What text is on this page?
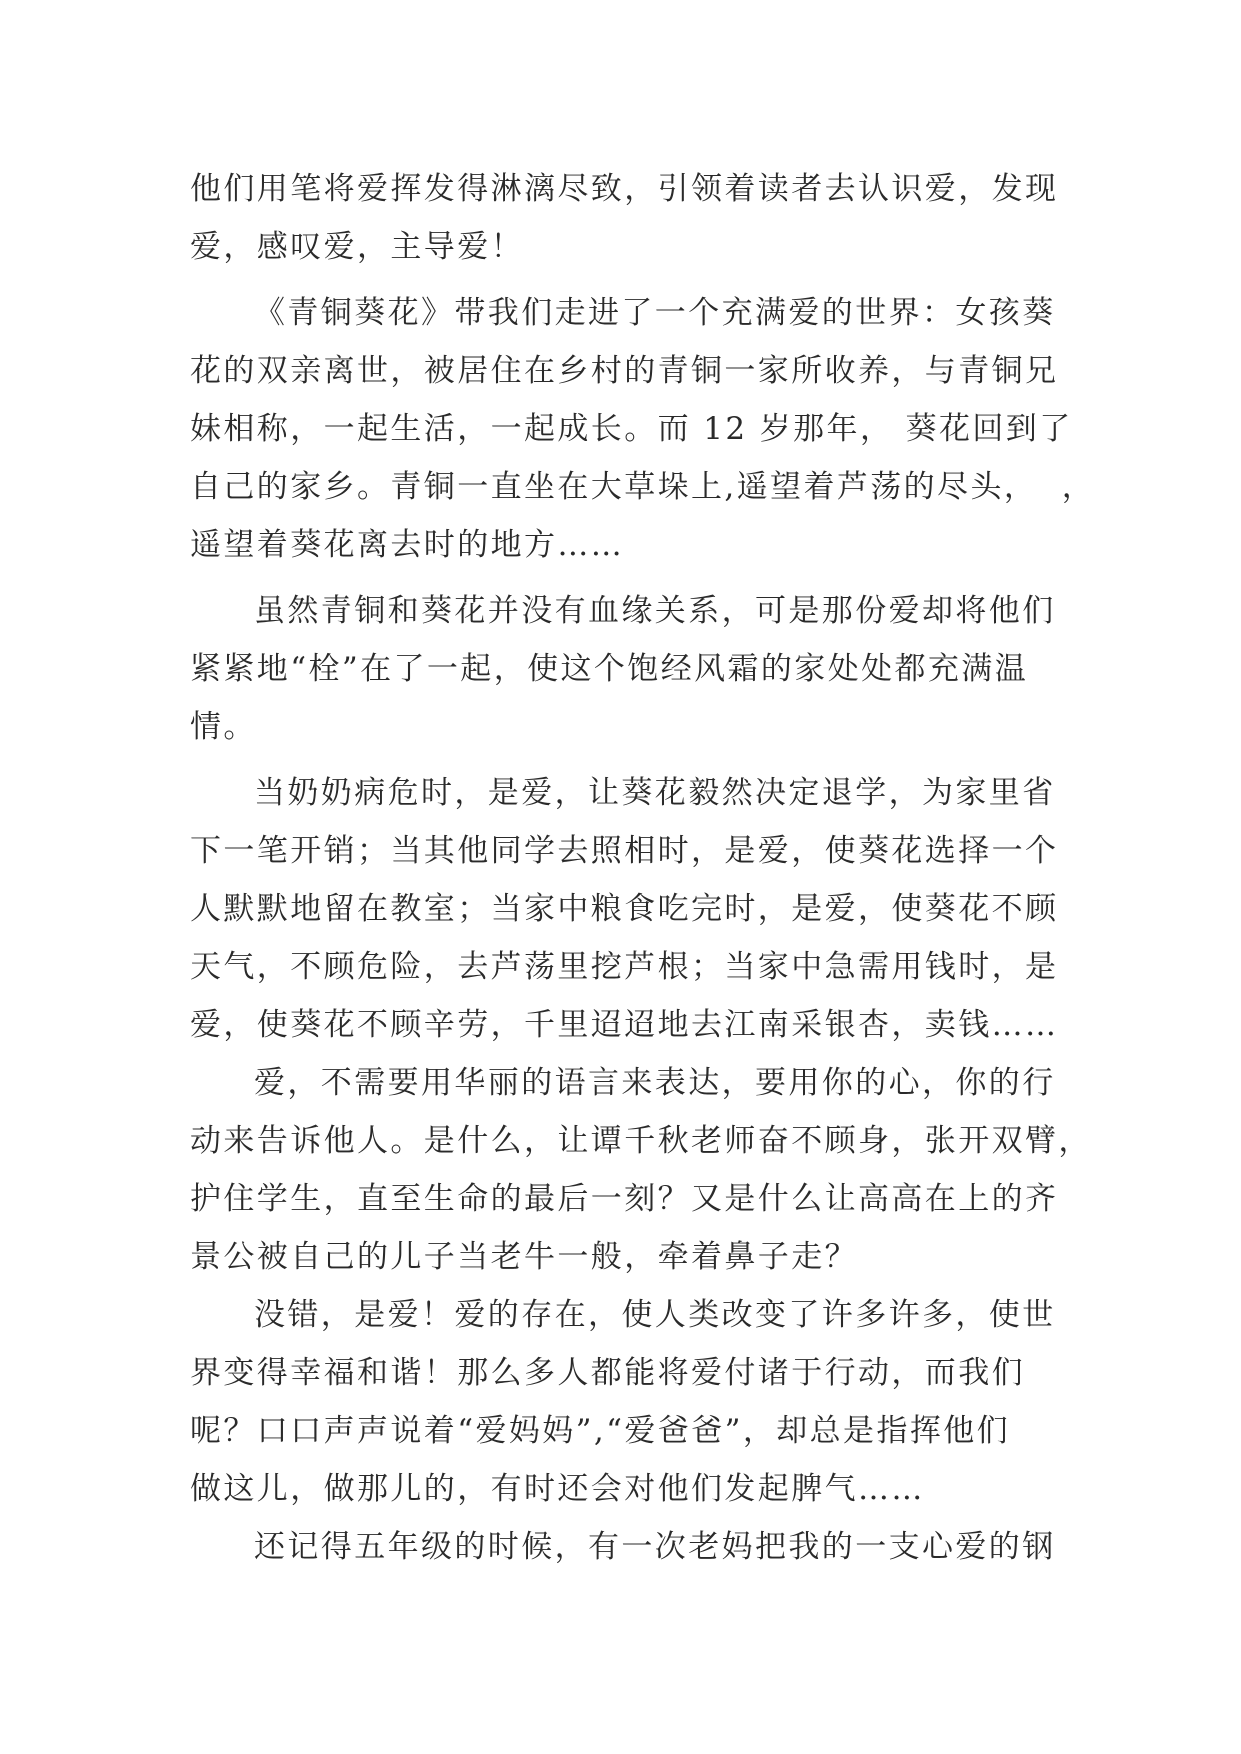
他们用笔将爱挥发得淋漓尽致，引领着读者去认识爱，发现
爱，感叹爱，主导爱！
《青铜葵花》带我们走进了一个充满爱的世界：女孩葵
花的双亲离世，被居住在乡村的青铜一家所收养，与青铜兄
妹相称，一起生活，一起成长。而 12 岁那年， 葵花回到了
自己的家乡。青铜一直坐在大草垛上,遥望着芦荡的尽头，  ，
遥望着葵花离去时的地方……
虽然青铜和葵花并没有血缘关系，可是那份爱却将他们
紧紧地“栓”在了一起，使这个饱经风霜的家处处都充满温
情。
当奶奶病危时，是爱，让葵花毅然决定退学，为家里省
下一笔开销；当其他同学去照相时，是爱，使葵花选择一个
人默默地留在教室；当家中粮食吃完时，是爱，使葵花不顾
天气，不顾危险，去芦荡里挖芦根；当家中急需用钱时，是
爱，使葵花不顾辛劳，千里迢迢地去江南采银杏，卖钱……
爱，不需要用华丽的语言来表达，要用你的心，你的行
动来告诉他人。是什么，让谭千秋老师奋不顾身，张开双臂，
护住学生，直至生命的最后一刻？又是什么让高高在上的齐
景公被自己的儿子当老牛一般，牵着鼻子走？
没错，是爱！爱的存在，使人类改变了许多许多，使世
界变得幸福和谐！那么多人都能将爱付诸于行动，而我们
呢？口口声声说着“爱妈妈”,“爱爸爸”，却总是指挥他们
做这儿，做那儿的，有时还会对他们发起脾气……
还记得五年级的时候，有一次老妈把我的一支心爱的钢
